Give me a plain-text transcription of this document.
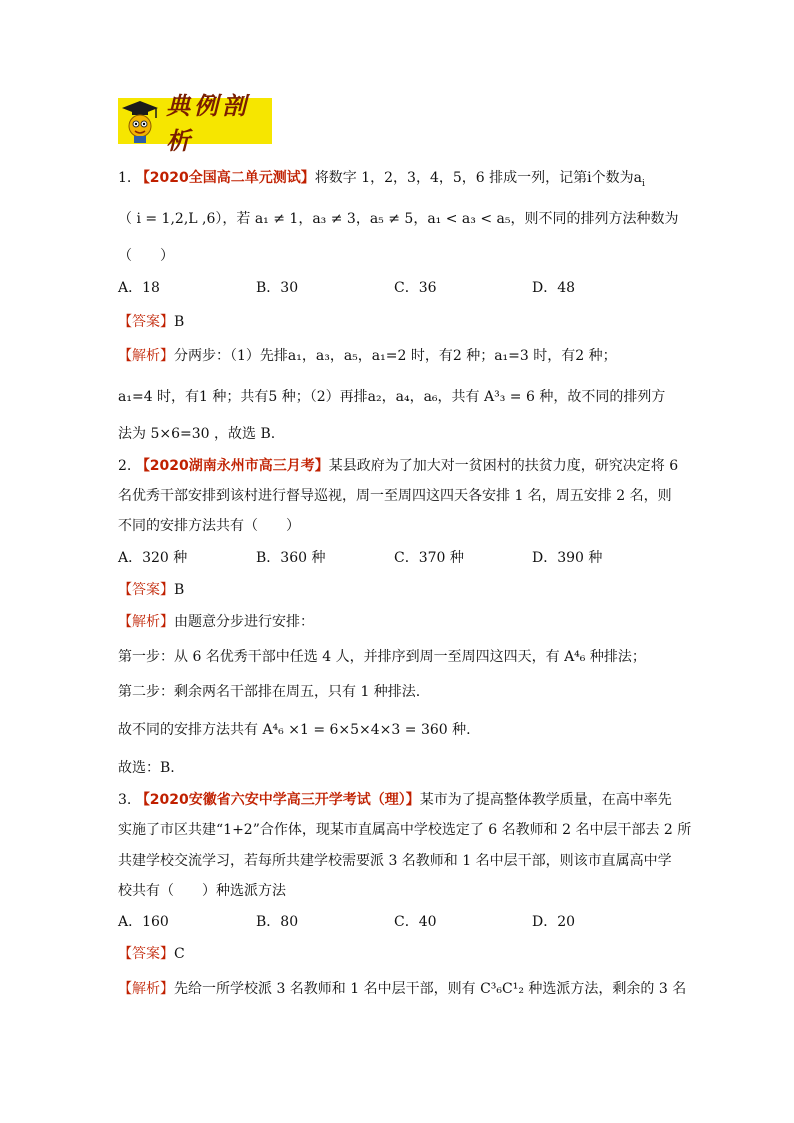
典例剖析
1. 【2020全国高二单元测试】将数字 1，2，3，4，5，6 排成一列，记第i个数为$a_i$
（ i = 1,2,L ,6），若 a₁ ≠ 1，a₃ ≠ 3，a₅ ≠ 5，a₁ < a₃ < a₅，则不同的排列方法种数为
（　　）
A．18	B．30	C．36	D．48
【答案】B
【解析】分两步：（1）先排a₁，a₃，a₅，a₁=2 时，有2 种；a₁=3 时，有2 种；
a₁=4 时，有1 种；共有5 种；（2）再排a₂，a₄，a₆，共有 A³₃ = 6 种，故不同的排列方
法为 5×6=30 ，故选 B.
2. 【2020湖南永州市高三月考】某县政府为了加大对一贫困村的扶贫力度，研究决定将 6
名优秀干部安排到该村进行督导巡视，周一至周四这四天各安排 1 名，周五安排 2 名，则
不同的安排方法共有（　　）
A．320 种	B．360 种	C．370 种	D．390 种
【答案】B
【解析】由题意分步进行安排：
第一步：从 6 名优秀干部中任选 4 人，并排序到周一至周四这四天，有 A⁴₆ 种排法；
第二步：剩余两名干部排在周五，只有 1 种排法.
故不同的安排方法共有 A⁴₆ ×1 = 6×5×4×3 = 360 种.
故选：B.
3. 【2020安徽省六安中学高三开学考试（理）】某市为了提高整体教学质量，在高中率先
实施了市区共建“1+2”合作体，现某市直属高中学校选定了 6 名教师和 2 名中层干部去 2 所
共建学校交流学习，若每所共建学校需要派 3 名教师和 1 名中层干部，则该市直属高中学
校共有（　　）种选派方法
A．160	B．80	C．40	D．20
【答案】C
【解析】先给一所学校派 3 名教师和 1 名中层干部，则有 C³₆C¹₂ 种选派方法，剩余的 3 名
